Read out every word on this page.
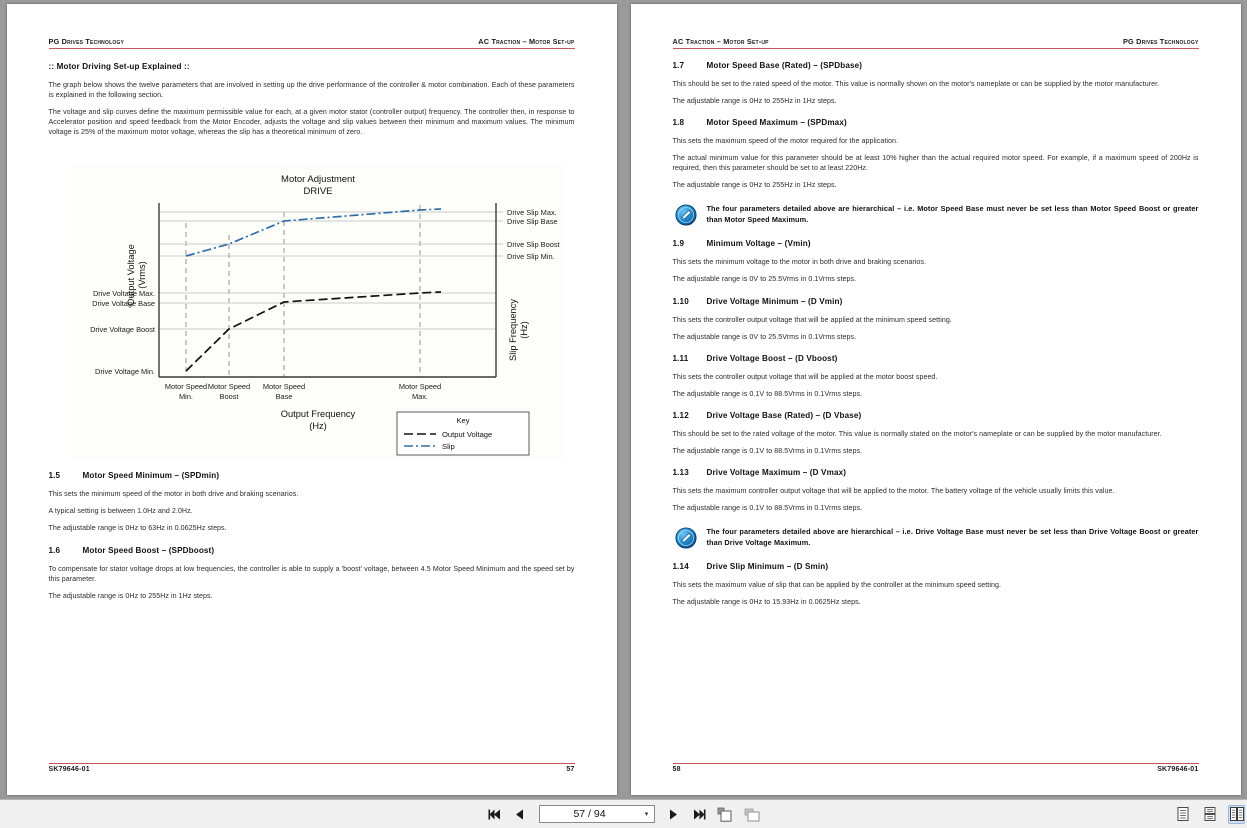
PG Drives Technology	AC Traction – Motor Set-up
:: Motor Driving Set-up Explained ::

The graph below shows the twelve parameters that are involved in setting up the drive performance of the controller & motor combination. Each of these parameters is explained in the following section.

The voltage and slip curves define the maximum permissible value for each, at a given motor stator (controller output) frequency. The controller then, in response to Accelerator position and speed feedback from the Motor Encoder, adjusts the voltage and slip values between their minimum and maximum values. The minimum voltage is 25% of the maximum motor voltage, whereas the slip has a theoretical minimum of zero.

Motor Adjustment
DRIVE
Drive Voltage Max.
Drive Voltage Base
Drive Voltage Boost
Drive Voltage Min.
Drive Slip Max.
Drive Slip Base
Drive Slip Boost
Drive Slip Min.
Motor Speed
Min.
Motor Speed
Boost
Motor Speed
Base
Motor Speed
Max.
Output Frequency
(Hz)
Output Voltage (Vrms)
Slip Frequency (Hz)
Key
Output Voltage
Slip
1.5	Motor Speed Minimum – (SPDmin)

This sets the minimum speed of the motor in both drive and braking scenarios.

A typical setting is between 1.0Hz and 2.0Hz.

The adjustable range is 0Hz to 63Hz in 0.0625Hz steps.

1.6	Motor Speed Boost – (SPDboost)

To compensate for stator voltage drops at low frequencies, the controller is able to supply a 'boost' voltage, between 4.5 Motor Speed Minimum and the speed set by this parameter.

The adjustable range is 0Hz to 255Hz in 1Hz steps.

SK79646-01	57
AC Traction – Motor Set-up	PG Drives Technology
1.7	Motor Speed Base (Rated) – (SPDbase)

This should be set to the rated speed of the motor. This value is normally shown on the motor's nameplate or can be supplied by the motor manufacturer.

The adjustable range is 0Hz to 255Hz in 1Hz steps.

1.8	Motor Speed Maximum – (SPDmax)

This sets the maximum speed of the motor required for the application.

The actual minimum value for this parameter should be at least 10% higher than the actual required motor speed. For example, if a maximum speed of 200Hz is required, then this parameter should be set to at least 220Hz.

The adjustable range is 0Hz to 255Hz in 1Hz steps.

The four parameters detailed above are hierarchical – i.e. Motor Speed Base must never be set less than Motor Speed Boost or greater than Motor Speed Maximum.
1.9	Minimum Voltage – (Vmin)

This sets the minimum voltage to the motor in both drive and braking scenarios.

The adjustable range is 0V to 25.5Vrms in 0.1Vrms steps.

1.10	Drive Voltage Minimum – (D Vmin)

This sets the controller output voltage that will be applied at the minimum speed setting.

The adjustable range is 0V to 25.5Vrms in 0.1Vrms steps.

1.11	Drive Voltage Boost – (D Vboost)

This sets the controller output voltage that will be applied at the motor boost speed.

The adjustable range is 0.1V to 88.5Vrms in 0.1Vrms steps.

1.12	Drive Voltage Base (Rated) – (D Vbase)

This should be set to the rated voltage of the motor. This value is normally stated on the motor's nameplate or can be supplied by the motor manufacturer.

The adjustable range is 0.1V to 88.5Vrms in 0.1Vrms steps.

1.13	Drive Voltage Maximum – (D Vmax)

This sets the maximum controller output voltage that will be applied to the motor. The battery voltage of the vehicle usually limits this value.

The adjustable range is 0.1V to 88.5Vrms in 0.1Vrms steps.

The four parameters detailed above are hierarchical – i.e. Drive Voltage Base must never be set less than Drive Voltage Boost or greater than Drive Voltage Maximum.
1.14	Drive Slip Minimum – (D Smin)

This sets the maximum value of slip that can be applied by the controller at the minimum speed setting.

The adjustable range is 0Hz to 15.93Hz in 0.0625Hz steps.

58	SK79646-01
57 / 94	▾
